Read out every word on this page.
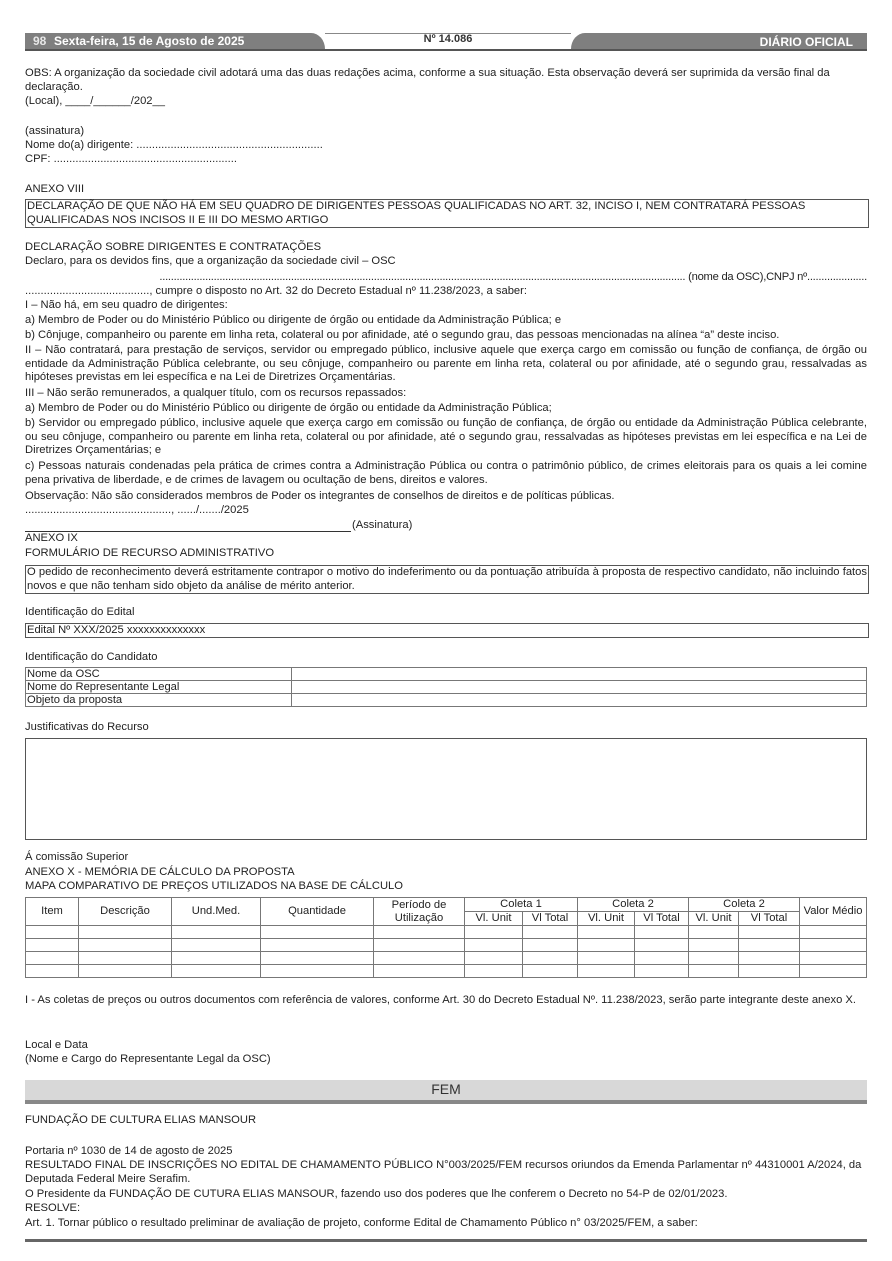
98 Sexta-feira, 15 de Agosto de 2025	Nº 14.086	DIÁRIO OFICIAL
OBS: A organização da sociedade civil adotará uma das duas redações acima, conforme a sua situação. Esta observação deverá ser suprimida da versão final da declaração.
(Local), ____/______/202__
(assinatura)
Nome do(a) dirigente: ............................................................
CPF: ...........................................................
ANEXO VIII
DECLARAÇÃO DE QUE NÃO HÁ EM SEU QUADRO DE DIRIGENTES PESSOAS QUALIFICADAS NO ART. 32, INCISO I, NEM CONTRATARÁ PESSOAS QUALIFICADAS NOS INCISOS II E III DO MESMO ARTIGO
DECLARAÇÃO SOBRE DIRIGENTES E CONTRATAÇÕES
Declaro, para os devidos fins, que a organização da sociedade civil – OSC
........................................................................................................................................................................................ (nome da OSC),CNPJ nº.....................
........................................, cumpre o disposto no Art. 32 do Decreto Estadual nº 11.238/2023, a saber:
I – Não há, em seu quadro de dirigentes:
a) Membro de Poder ou do Ministério Público ou dirigente de órgão ou entidade da Administração Pública; e
b) Cônjuge, companheiro ou parente em linha reta, colateral ou por afinidade, até o segundo grau, das pessoas mencionadas na alínea “a” deste inciso.
II – Não contratará, para prestação de serviços, servidor ou empregado público, inclusive aquele que exerça cargo em comissão ou função de confiança, de órgão ou entidade da Administração Pública celebrante, ou seu cônjuge, companheiro ou parente em linha reta, colateral ou por afinidade, até o segundo grau, ressalvadas as hipóteses previstas em lei específica e na Lei de Diretrizes Orçamentárias.
III – Não serão remunerados, a qualquer título, com os recursos repassados:
a) Membro de Poder ou do Ministério Público ou dirigente de órgão ou entidade da Administração Pública;
b) Servidor ou empregado público, inclusive aquele que exerça cargo em comissão ou função de confiança, de órgão ou entidade da Administração Pública celebrante, ou seu cônjuge, companheiro ou parente em linha reta, colateral ou por afinidade, até o segundo grau, ressalvadas as hipóteses previstas em lei específica e na Lei de Diretrizes Orçamentárias; e
c) Pessoas naturais condenadas pela prática de crimes contra a Administração Pública ou contra o patrimônio público, de crimes eleitorais para os quais a lei comine pena privativa de liberdade, e de crimes de lavagem ou ocultação de bens, direitos e valores.
Observação: Não são considerados membros de Poder os integrantes de conselhos de direitos e de políticas públicas.
..............................................., ....../......./2025
(Assinatura)
ANEXO IX
FORMULÁRIO DE RECURSO ADMINISTRATIVO
O pedido de reconhecimento deverá estritamente contrapor o motivo do indeferimento ou da pontuação atribuída à proposta de respectivo candidato, não incluindo fatos novos e que não tenham sido objeto da análise de mérito anterior.
Identificação do Edital
Edital Nº XXX/2025 xxxxxxxxxxxxxx
Identificação do Candidato
Nome da OSC	
Nome do Representante Legal	
Objeto da proposta	
Justificativas do Recurso
Á comissão Superior
ANEXO X - MEMÓRIA DE CÁLCULO DA PROPOSTA
MAPA COMPARATIVO DE PREÇOS UTILIZADOS NA BASE DE CÁLCULO
Item	Descrição	Und.Med.	Quantidade	Período de Utilização	Coleta 1		Coleta 2		Coleta 2		Valor Médio
					Vl. Unit	Vl Total	Vl. Unit	Vl Total	Vl. Unit	Vl Total	

I - As coletas de preços ou outros documentos com referência de valores, conforme Art. 30 do Decreto Estadual Nº. 11.238/2023, serão parte integrante deste anexo X.
Local e Data
(Nome e Cargo do Representante Legal da OSC)
FEM
FUNDAÇÃO DE CULTURA ELIAS MANSOUR
Portaria nº 1030 de 14 de agosto de 2025
RESULTADO FINAL DE INSCRIÇÕES NO EDITAL DE CHAMAMENTO PÚBLICO N°003/2025/FEM recursos oriundos da Emenda Parlamentar nº 44310001 A/2024, da Deputada Federal Meire Serafim.
O Presidente da FUNDAÇÃO DE CUTURA ELIAS MANSOUR, fazendo uso dos poderes que lhe conferem o Decreto no 54-P de 02/01/2023.
RESOLVE:
Art. 1. Tornar público o resultado preliminar de avaliação de projeto, conforme Edital de Chamamento Público n° 03/2025/FEM, a saber:
